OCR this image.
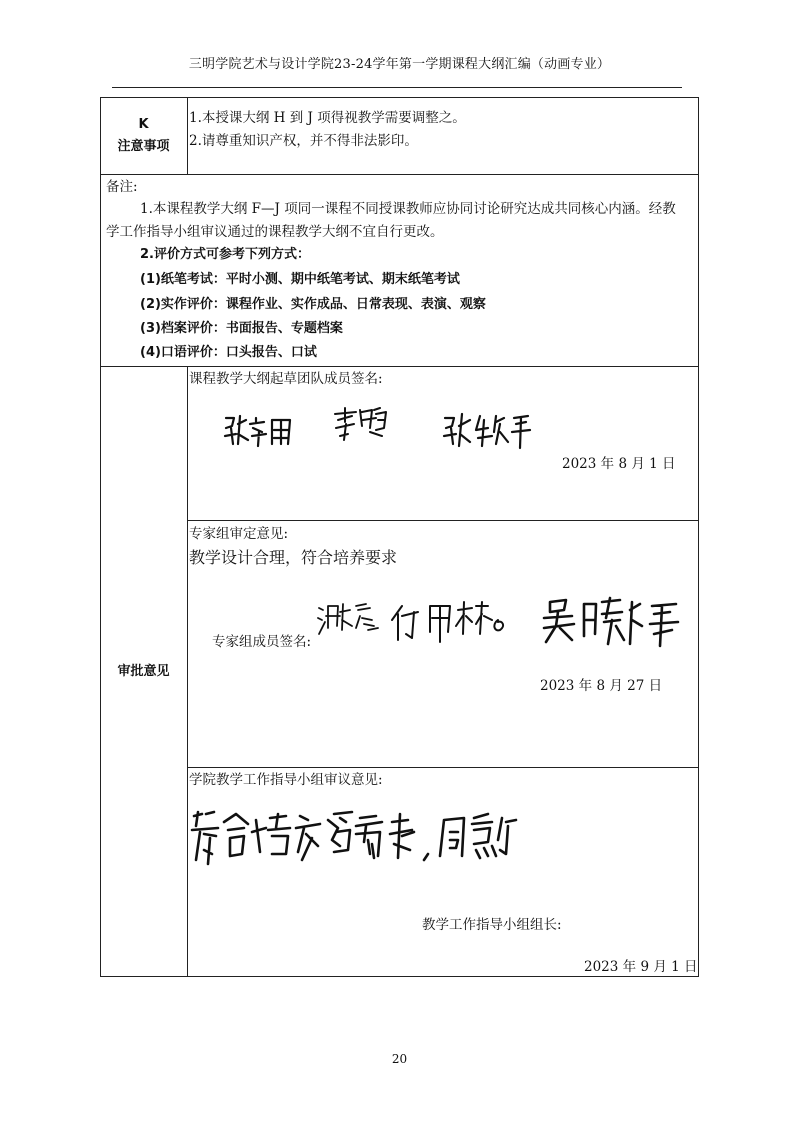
三明学院艺术与设计学院23-24学年第一学期课程大纲汇编（动画专业）
K
注意事项
1.本授课大纲 H 到 J 项得视教学需要调整之。
2.请尊重知识产权，并不得非法影印。
备注:
1.本课程教学大纲 F—J 项同一课程不同授课教师应协同讨论研究达成共同核心内涵。经教
学工作指导小组审议通过的课程教学大纲不宜自行更改。
2.评价方式可参考下列方式：
(1)纸笔考试：平时小测、期中纸笔考试、期末纸笔考试
(2)实作评价：课程作业、实作成品、日常表现、表演、观察
(3)档案评价：书面报告、专题档案
(4)口语评价：口头报告、口试
审批意见
课程教学大纲起草团队成员签名:
2023 年 8 月 1 日
专家组审定意见:
教学设计合理，符合培养要求
专家组成员签名:
2023 年 8 月 27 日
学院教学工作指导小组审议意见:
教学工作指导小组组长:
2023 年 9 月 1 日
20
